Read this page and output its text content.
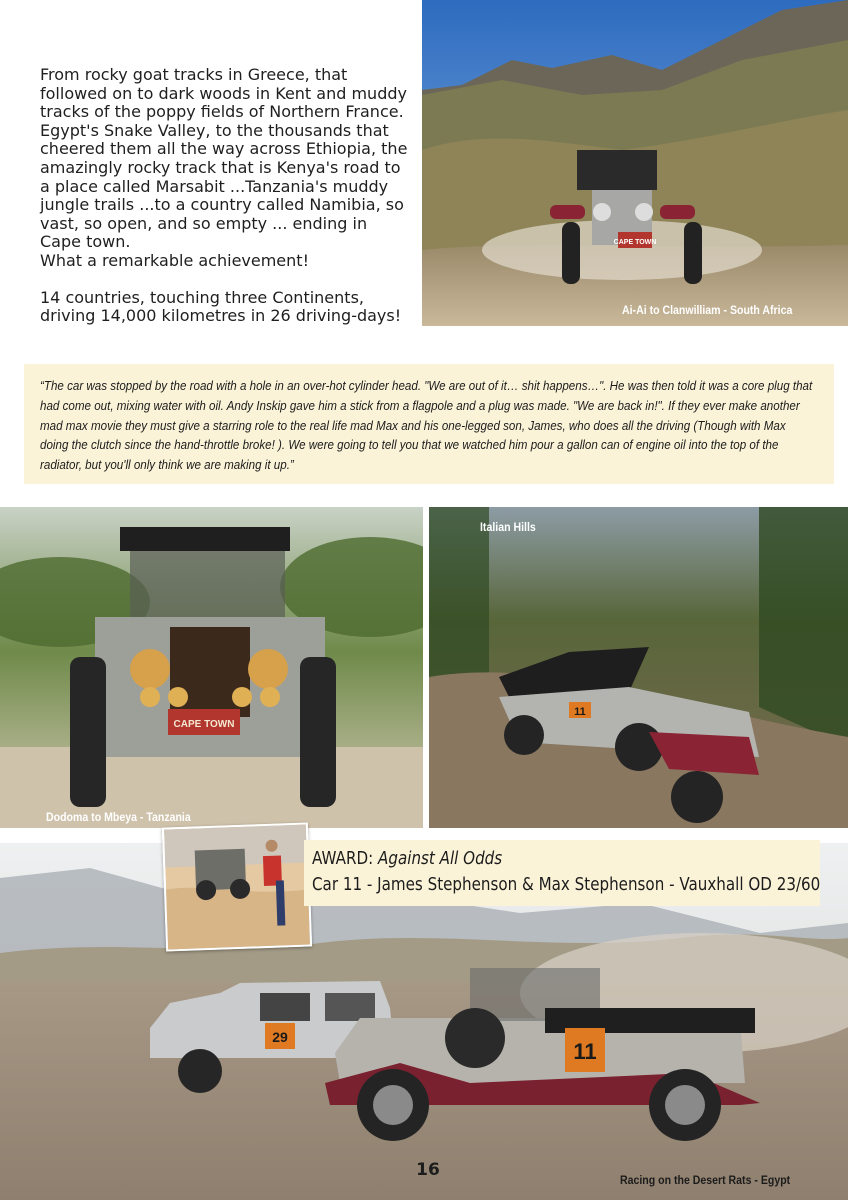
From rocky goat tracks in Greece, that followed on to dark woods in Kent and muddy tracks of the poppy fields of Northern France. Egypt's Snake Valley, to the thousands that cheered them all the way across Ethiopia, the amazingly rocky track that is Kenya's road to a place called Marsabit ...Tanzania's muddy jungle trails ...to a country called Namibia, so vast, so open, and so empty ... ending in Cape town.
What a remarkable achievement!

14 countries, touching three Continents, driving 14,000 kilometres in 26 driving-days!

CAPE TOWN
Ai-Ai to Clanwilliam - South Africa

“The car was stopped by the road with a hole in an over-hot cylinder head. "We are out of it… shit happens…". He was then told it was a core plug that had come out, mixing water with oil. Andy Inskip gave him a stick from a flagpole and a plug was made. "We are back in!". If they ever make another mad max movie they must give a starring role to the real life mad Max and his one-legged son, James, who does all the driving (Though with Max doing the clutch since the hand-throttle broke! ). We were going to tell you that we watched him pour a gallon can of engine oil into the top of the radiator, but you'll only think we are making it up.”

CAPE TOWN
Dodoma to Mbeya - Tanzania
11
Italian Hills
29
11
Racing on the Desert Rats - Egypt
AWARD: Against All Odds
Car 11 - James Stephenson & Max Stephenson - Vauxhall OD 23/60
16
